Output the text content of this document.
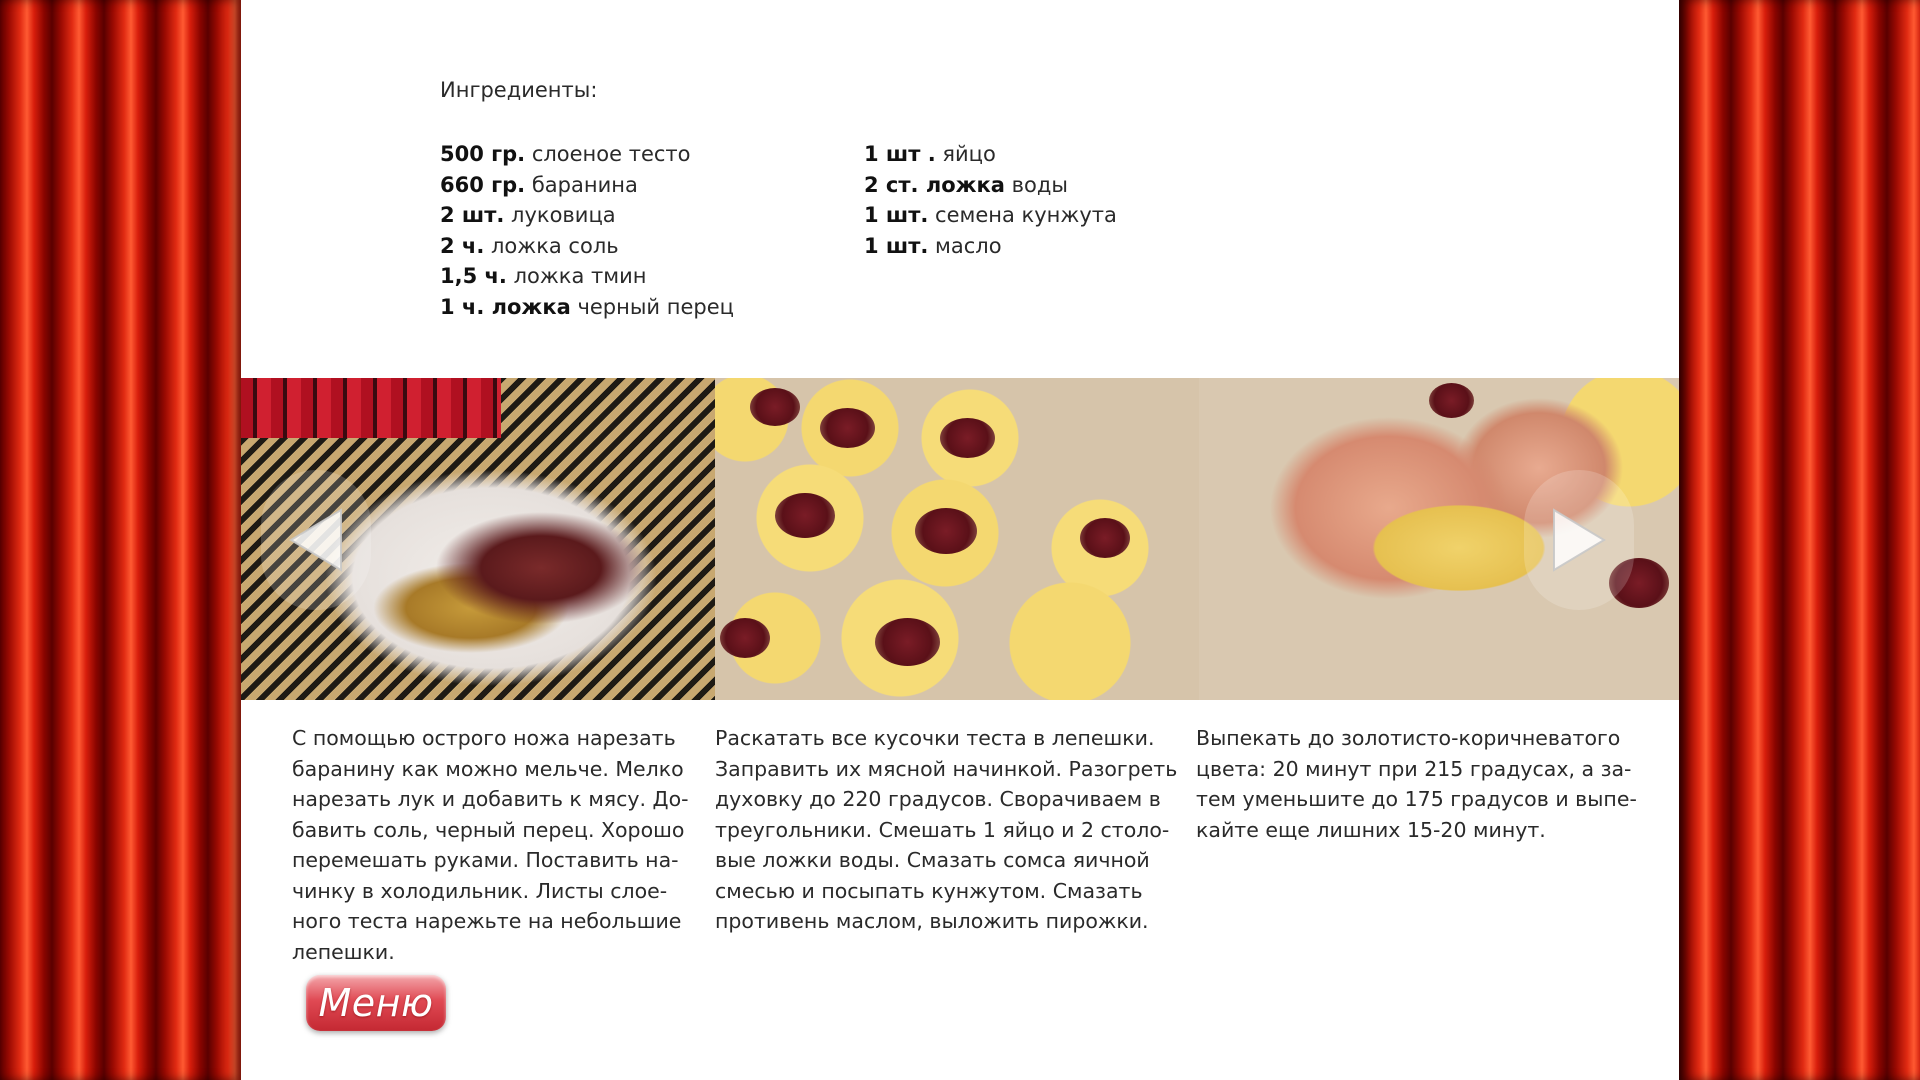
Ингредиенты:
500 гр. слоеное тесто
660 гр. баранина
2 шт. луковица
2 ч. ложка соль
1,5 ч. ложка тмин
1 ч. ложка черный перец
1 шт . яйцо
2 ст. ложка воды
1 шт. семена кунжута
1 шт. масло
С помощью острого ножа нарезать
баранину как можно мельче. Мелко
нарезать лук и добавить к мясу. До-
бавить соль, черный перец. Хорошо
перемешать руками. Поставить на-
чинку в холодильник. Листы слое-
ного теста нарежьте на небольшие
лепешки.
Раскатать все кусочки теста в лепешки.
Заправить их мясной начинкой. Разогреть
духовку до 220 градусов. Сворачиваем в
треугольники. Смешать 1 яйцо и 2 столо-
вые ложки воды. Смазать сомса яичной
смесью и посыпать кунжутом. Смазать
противень маслом, выложить пирожки.
Выпекать до золотисто-коричневатого
цвета: 20 минут при 215 градусах, а за-
тем уменьшите до 175 градусов и выпе-
кайте еще лишних 15-20 минут.
Меню
